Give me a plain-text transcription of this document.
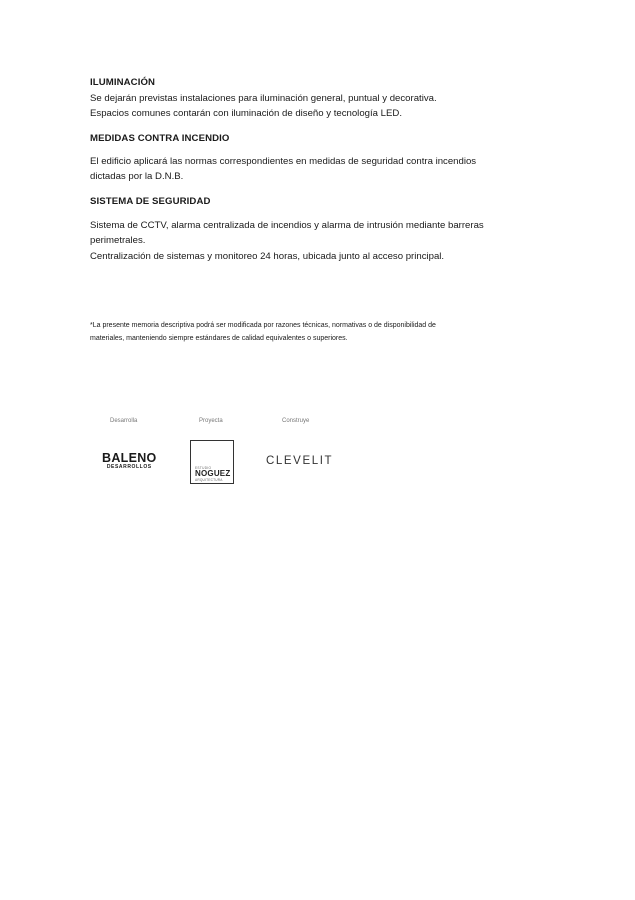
ILUMINACIÓN
Se dejarán previstas instalaciones para iluminación general, puntual y decorativa.
Espacios comunes contarán con iluminación de diseño y tecnología LED.
MEDIDAS CONTRA INCENDIO
El edificio aplicará las normas correspondientes en medidas de seguridad contra incendios
dictadas por la D.N.B.
SISTEMA DE SEGURIDAD
Sistema de CCTV, alarma centralizada de incendios y alarma de intrusión mediante barreras
perimetrales.
Centralización de sistemas y monitoreo 24 horas, ubicada junto al acceso principal.
*La presente memoria descriptiva podrá ser modificada por razones técnicas, normativas o de disponibilidad de
materiales, manteniendo siempre estándares de calidad equivalentes o superiores.
Desarrolla	Proyecta	Construye
BALENO
DESARROLLOS	ESTUDIO
NOGUEZ
ARQUITECTURA
CLEVELIT
